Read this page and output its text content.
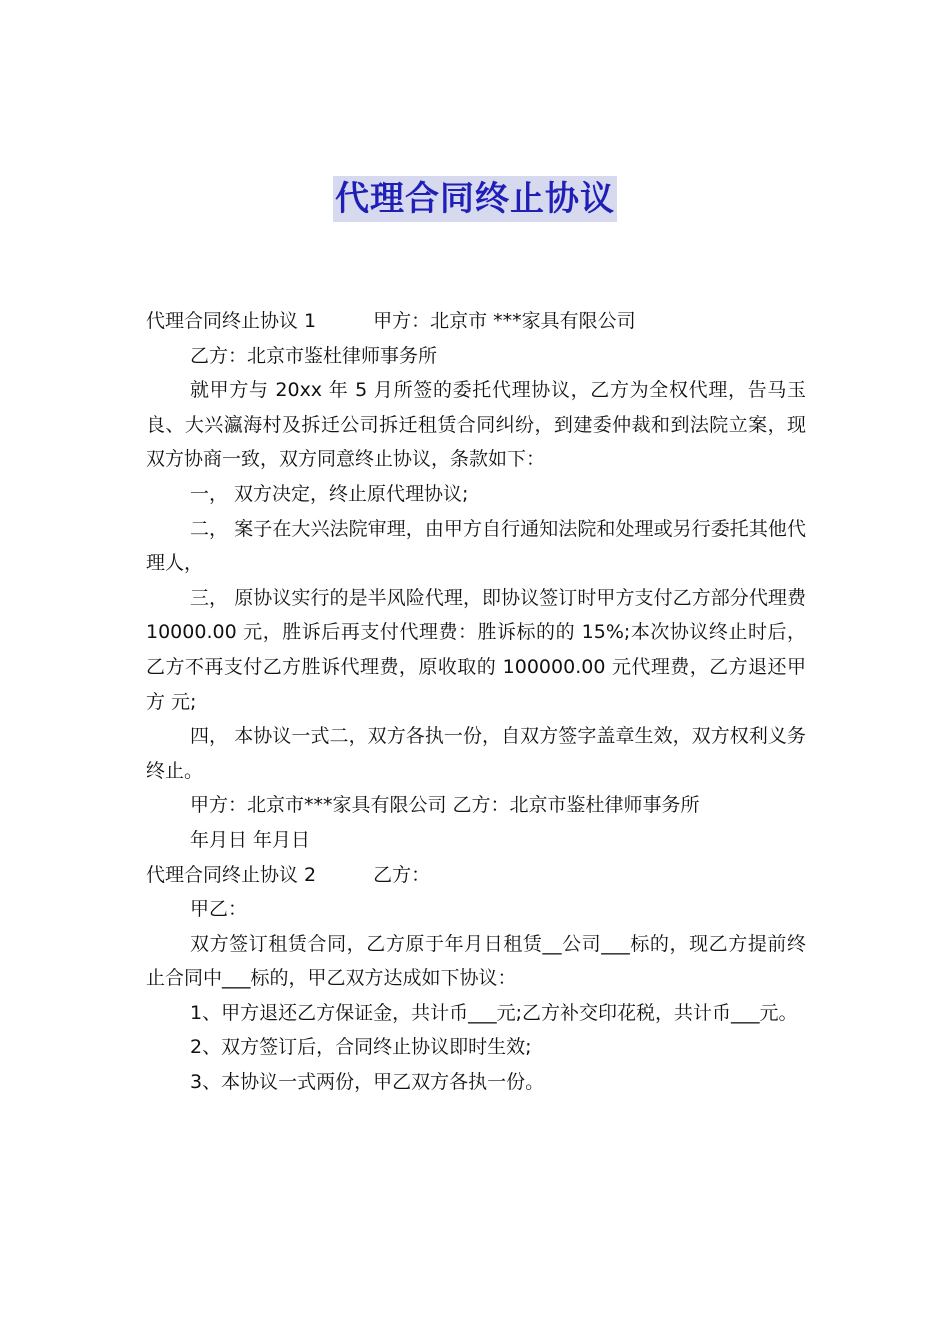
代理合同终止协议

代理合同终止协议 1　　　甲方：北京市 ***家具有限公司

乙方：北京市鉴杜律师事务所

就甲方与 20xx 年 5 月所签的委托代理协议，乙方为全权代理，告马玉良、大兴瀛海村及拆迁公司拆迁租赁合同纠纷，到建委仲裁和到法院立案，现双方协商一致，双方同意终止协议，条款如下：

一， 双方决定，终止原代理协议;

二， 案子在大兴法院审理，由甲方自行通知法院和处理或另行委托其他代理人，

三， 原协议实行的是半风险代理，即协议签订时甲方支付乙方部分代理费 10000.00 元，胜诉后再支付代理费：胜诉标的的 15%;本次协议终止时后，乙方不再支付乙方胜诉代理费，原收取的 100000.00 元代理费，乙方退还甲方 元;

四， 本协议一式二，双方各执一份，自双方签字盖章生效，双方权利义务终止。

甲方：北京市***家具有限公司 乙方：北京市鉴杜律师事务所

年月日 年月日

代理合同终止协议 2　　　乙方：

甲乙：

双方签订租赁合同，乙方原于年月日租赁__公司___标的，现乙方提前终止合同中___标的，甲乙双方达成如下协议：

1、甲方退还乙方保证金，共计币___元;乙方补交印花税，共计币___元。

2、双方签订后，合同终止协议即时生效;

3、本协议一式两份，甲乙双方各执一份。
